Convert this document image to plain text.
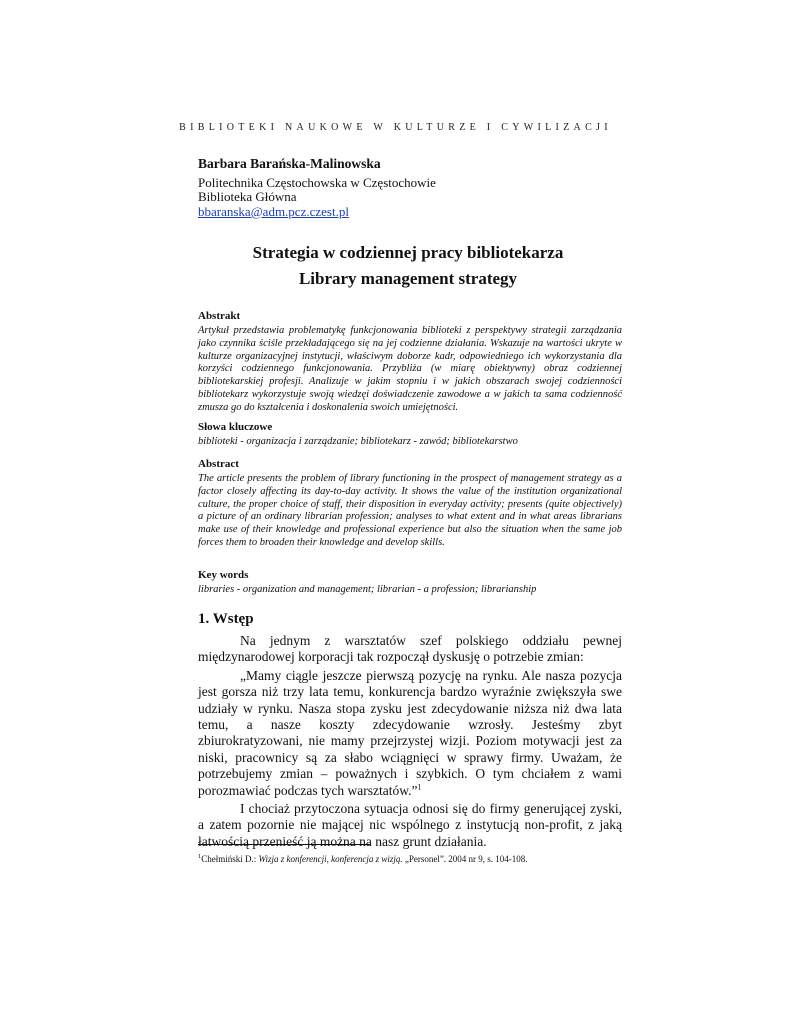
BIBLIOTEKI NAUKOWE W KULTURZE I CYWILIZACJI
Barbara Barańska-Malinowska
Politechnika Częstochowska w Częstochowie
Biblioteka Główna
bbaranska@adm.pcz.czest.pl
Strategia w codziennej pracy bibliotekarza
Library management strategy
Abstrakt

Artykuł przedstawia problematykę funkcjonowania biblioteki z perspektywy strategii zarządzania jako czynnika ściśle przekładającego się na jej codzienne działania. Wskazuje na wartości ukryte w kulturze organizacyjnej instytucji, właściwym doborze kadr, odpowiedniego ich wykorzystania dla korzyści codziennego funkcjonowania. Przybliża (w miarę obiektywny) obraz codziennej bibliotekarskiej profesji. Analizuje w jakim stopniu i w jakich obszarach swojej codzienności bibliotekarz wykorzystuje swoją wiedzęi doświadczenie zawodowe a w jakich ta sama codzienność zmusza go do kształcenia i doskonalenia swoich umiejętności.

Słowa kluczowe

biblioteki - organizacja i zarządzanie; bibliotekarz - zawód; bibliotekarstwo

Abstract

The article presents the problem of library functioning in the prospect of management strategy as a factor closely affecting its day-to-day activity. It shows the value of the institution organizational culture, the proper choice of staff, their disposition in everyday activity; presents (quite objectively) a picture of an ordinary librarian profession; analyses to what extent and in what areas librarians make use of their knowledge and professional experience but also the situation when the same job forces them to broaden their knowledge and develop skills.

Key words

libraries - organization and management; librarian - a profession; librarianship

1. Wstęp

Na jednym z warsztatów szef polskiego oddziału pewnej międzynarodowej korporacji tak rozpoczął dyskusję o potrzebie zmian:

„Mamy ciągle jeszcze pierwszą pozycję na rynku. Ale nasza pozycja jest gorsza niż trzy lata temu, konkurencja bardzo wyraźnie zwiększyła swe udziały w rynku. Nasza stopa zysku jest zdecydowanie niższa niż dwa lata temu, a nasze koszty zdecydowanie wzrosły. Jesteśmy zbyt zbiurokratyzowani, nie mamy przejrzystej wizji. Poziom motywacji jest za niski, pracownicy są za słabo wciągnięci w sprawy firmy. Uważam, że potrzebujemy zmian – poważnych i szybkich. O tym chciałem z wami porozmawiać podczas tych warsztatów.”$^1$

I chociaż przytoczona sytuacja odnosi się do firmy generującej zyski, a zatem pozornie nie mającej nic wspólnego z instytucją non-profit, z jaką łatwością przenieść ją można na nasz grunt działania.

$^1$Chełmiński D.: Wizja z konferencji, konferencja z wizją. „Personel”. 2004 nr 9, s. 104-108.
